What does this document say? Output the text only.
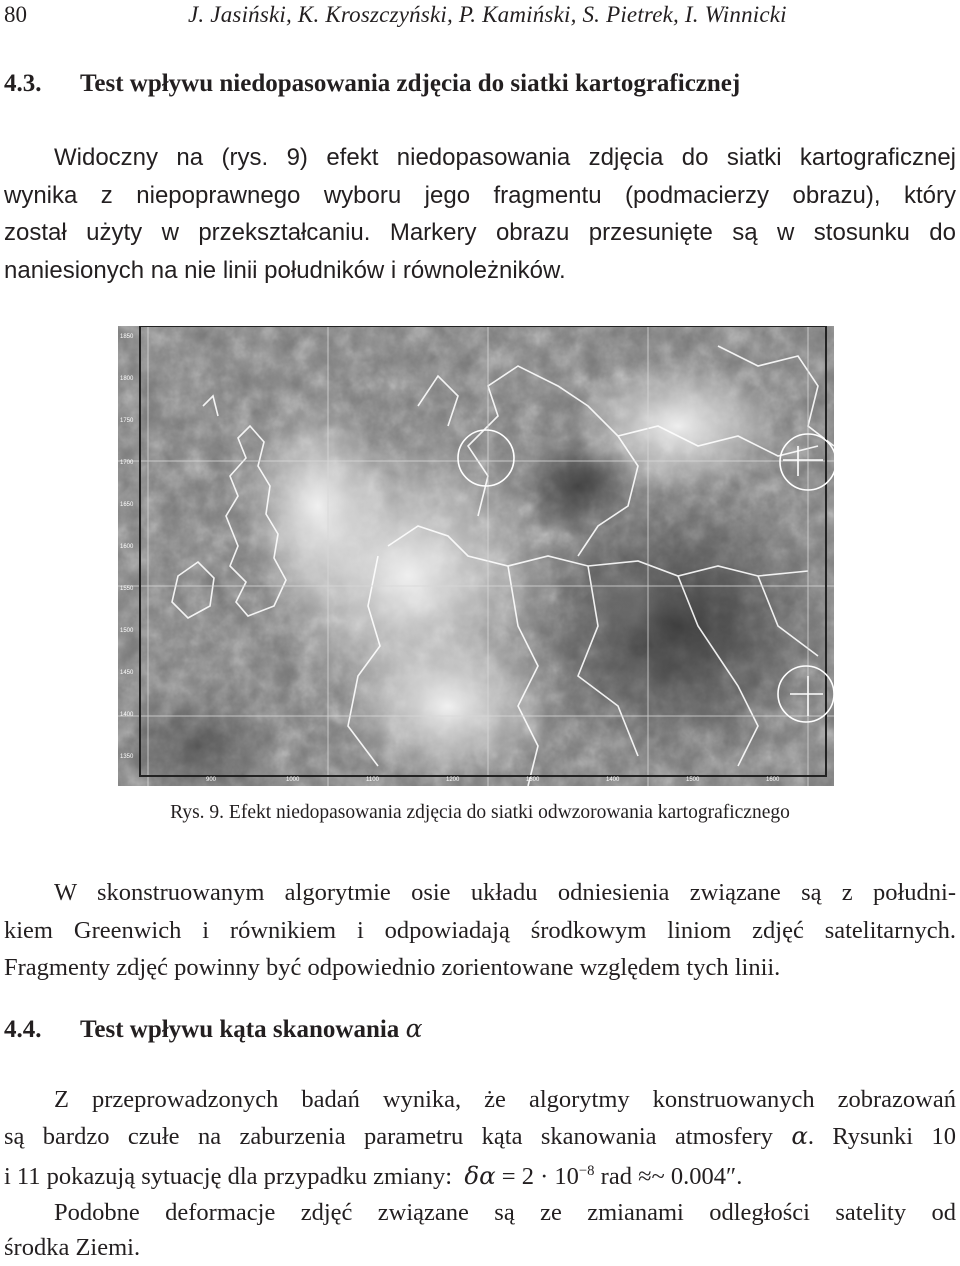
80	J. Jasiński, K. Kroszczyński, P. Kamiński, S. Pietrek, I. Winnicki
4.3. Test wpływu niedopasowania zdjęcia do siatki kartograficznej
Widoczny na (rys. 9) efekt niedopasowania zdjęcia do siatki kartograficznej
wynika z niepoprawnego wyboru jego fragmentu (podmacierzy obrazu), który
został użyty w przekształcaniu. Markery obrazu przesunięte są w stosunku do
naniesionych na nie linii południków i równoleżników.
1850
1800
1750
1700
1650
1600
1550
1500
1450
1400
1350
900	1000	1100	1200	1300	1400	1500	1600
Rys. 9. Efekt niedopasowania zdjęcia do siatki odwzorowania kartograficznego
W skonstruowanym algorytmie osie układu odniesienia związane są z południ-
kiem Greenwich i równikiem i odpowiadają środkowym liniom zdjęć satelitarnych.
Fragmenty zdjęć powinny być odpowiednio zorientowane względem tych linii.
4.4. Test wpływu kąta skanowania α
Z przeprowadzonych badań wynika, że algorytmy konstruowanych zobrazowań
są bardzo czułe na zaburzenia parametru kąta skanowania atmosfery α. Rysunki 10
i 11 pokazują sytuację dla przypadku zmiany: $\delta\alpha = 2 \cdot 10^{-8}$ rad ≈~ 0.004″.
Podobne deformacje zdjęć związane są ze zmianami odległości satelity od
środka Ziemi.
